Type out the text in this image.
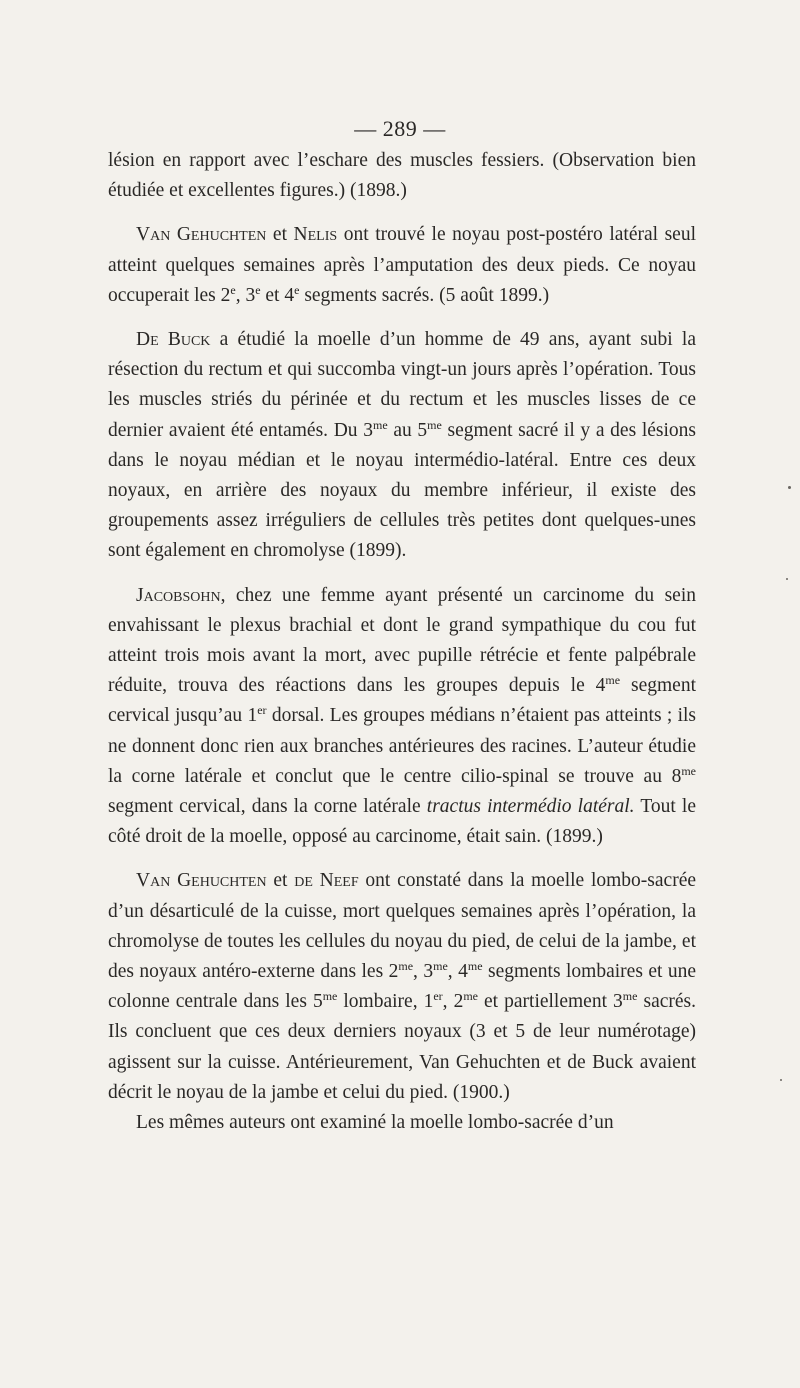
— 289 —

lésion en rapport avec l’eschare des muscles fessiers. (Observation bien étudiée et excellentes figures.) (1898.)

Van Gehuchten et Nelis ont trouvé le noyau post-postéro latéral seul atteint quelques semaines après l’amputation des deux pieds. Ce noyau occuperait les 2e, 3e et 4e segments sacrés. (5 août 1899.)

De Buck a étudié la moelle d’un homme de 49 ans, ayant subi la résection du rectum et qui succomba vingt-un jours après l’opération. Tous les muscles striés du périnée et du rectum et les muscles lisses de ce dernier avaient été entamés. Du $3^{me}$ au $5^{me}$ segment sacré il y a des lésions dans le noyau médian et le noyau intermédio-latéral. Entre ces deux noyaux, en arrière des noyaux du membre inférieur, il existe des groupements assez irréguliers de cellules très petites dont quelques-unes sont également en chromolyse (1899).

Jacobsohn, chez une femme ayant présenté un carcinome du sein envahissant le plexus brachial et dont le grand sympathique du cou fut atteint trois mois avant la mort, avec pupille rétrécie et fente palpébrale réduite, trouva des réactions dans les groupes depuis le $4^{me}$ segment cervical jusqu’au 1er dorsal. Les groupes médians n’étaient pas atteints ; ils ne donnent donc rien aux branches antérieures des racines. L’auteur étudie la corne latérale et conclut que le centre cilio-spinal se trouve au $8^{me}$ segment cervical, dans la corne latérale tractus intermédio latéral. Tout le côté droit de la moelle, opposé au carcinome, était sain. (1899.)

Van Gehuchten et de Neef ont constaté dans la moelle lombo-sacrée d’un désarticulé de la cuisse, mort quelques semaines après l’opération, la chromolyse de toutes les cellules du noyau du pied, de celui de la jambe, et des noyaux antéro-externe dans les $2^{me}$, $3^{me}$, $4^{me}$ segments lombaires et une colonne centrale dans les $5^{me}$ lombaire, 1er, $2^{me}$ et partiellement $3^{me}$ sacrés. Ils concluent que ces deux derniers noyaux (3 et 5 de leur numérotage) agissent sur la cuisse. Antérieurement, Van Gehuchten et de Buck avaient décrit le noyau de la jambe et celui du pied. (1900.)

Les mêmes auteurs ont examiné la moelle lombo-sacrée d’un
